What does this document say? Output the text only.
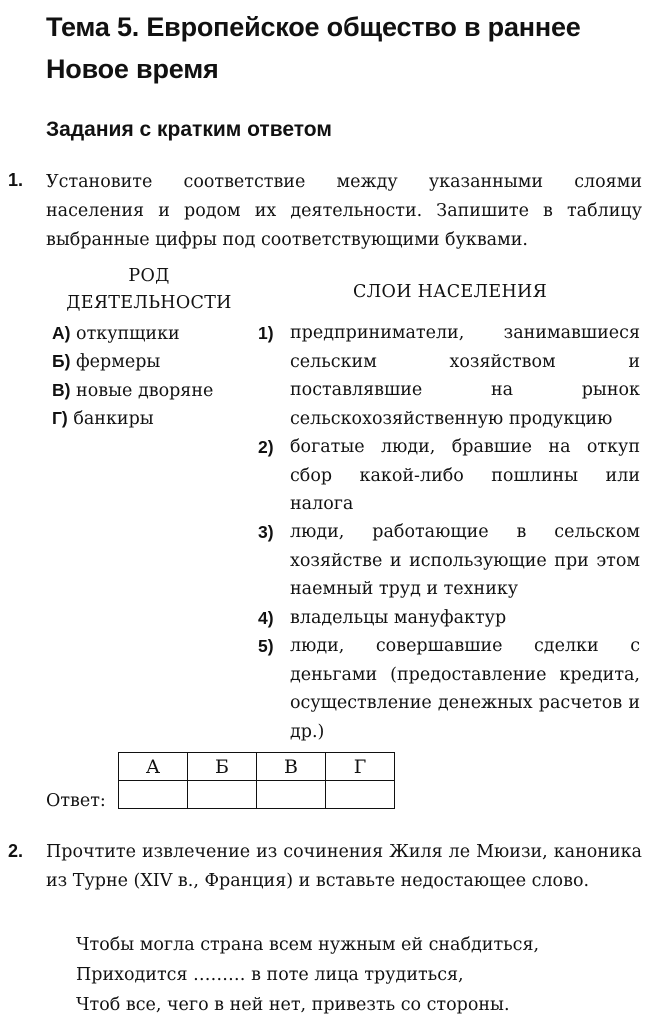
Тема 5. Европейское общество в раннее Новое время
Задания с кратким ответом
1. Установите соответствие между указанными слоями населения и родом их деятельности. Запишите в таблицу выбранные цифры под соответствующими буквами.
РОД
ДЕЯТЕЛЬНОСТИ
СЛОИ НАСЕЛЕНИЯ
А) откупщики
Б) фермеры
В) новые дворяне
Г) банкиры
1) предприниматели, занимавшиеся сельским хозяйством и поставлявшие на рынок сельскохозяйственную продукцию
2) богатые люди, бравшие на откуп сбор какой-либо пошлины или налога
3) люди, работающие в сельском хозяйстве и использующие при этом наемный труд и технику
4) владельцы мануфактур
5) люди, совершавшие сделки с деньгами (предоставление кредита, осуществление денежных расчетов и др.)
А	Б	В	Г

Ответ:
2. Прочтите извлечение из сочинения Жиля ле Мюизи, каноника из Турне (XIV в., Франция) и вставьте недостающее слово.
Чтобы могла страна всем нужным ей снабдиться,
Приходится ……… в поте лица трудиться,
Чтоб все, чего в ней нет, привезть со стороны.
